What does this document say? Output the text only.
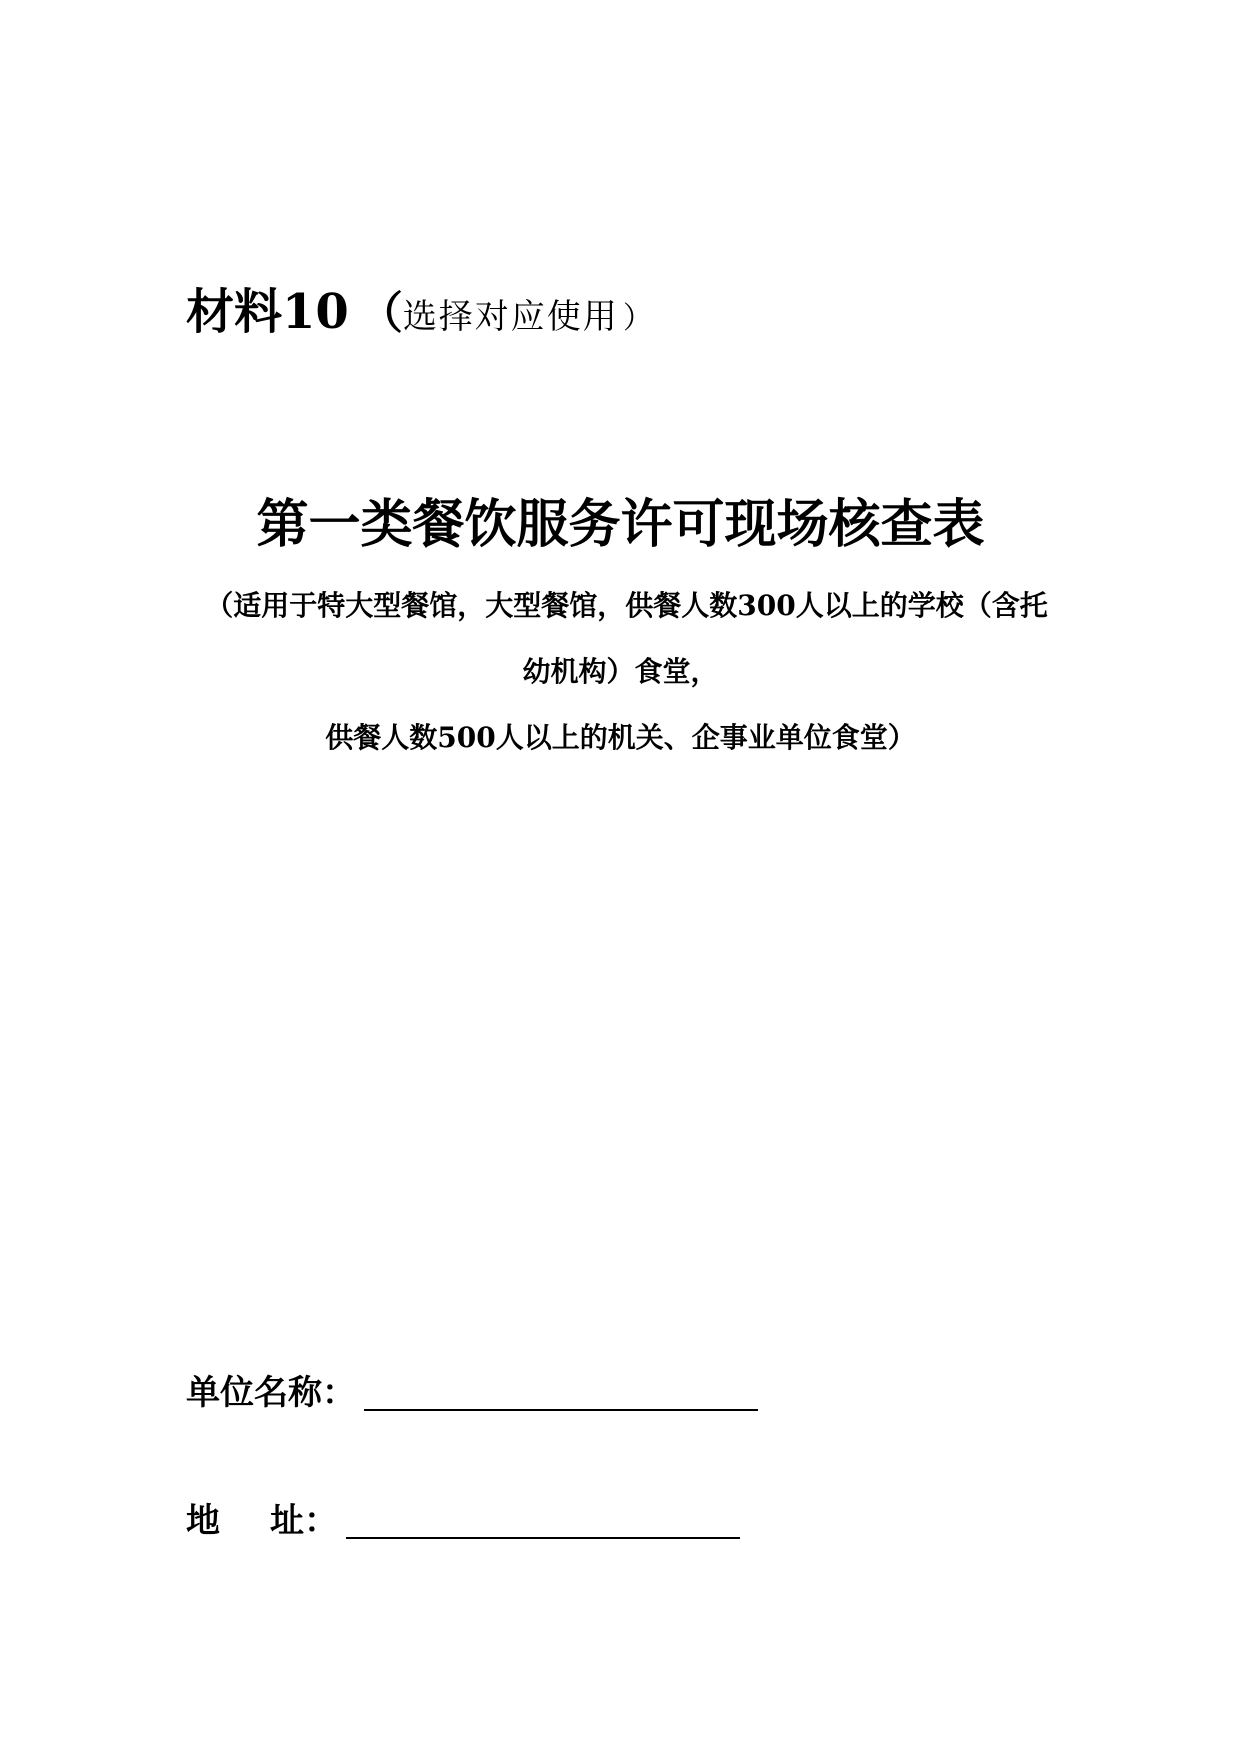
材料10 （选择对应使用 ）
第一类餐饮服务许可现场核查表
（适用于特大型餐馆，大型餐馆，供餐人数300人以上的学校（含托
幼机构）食堂，
供餐人数500人以上的机关、企事业单位食堂）
单位名称：
地 址：
